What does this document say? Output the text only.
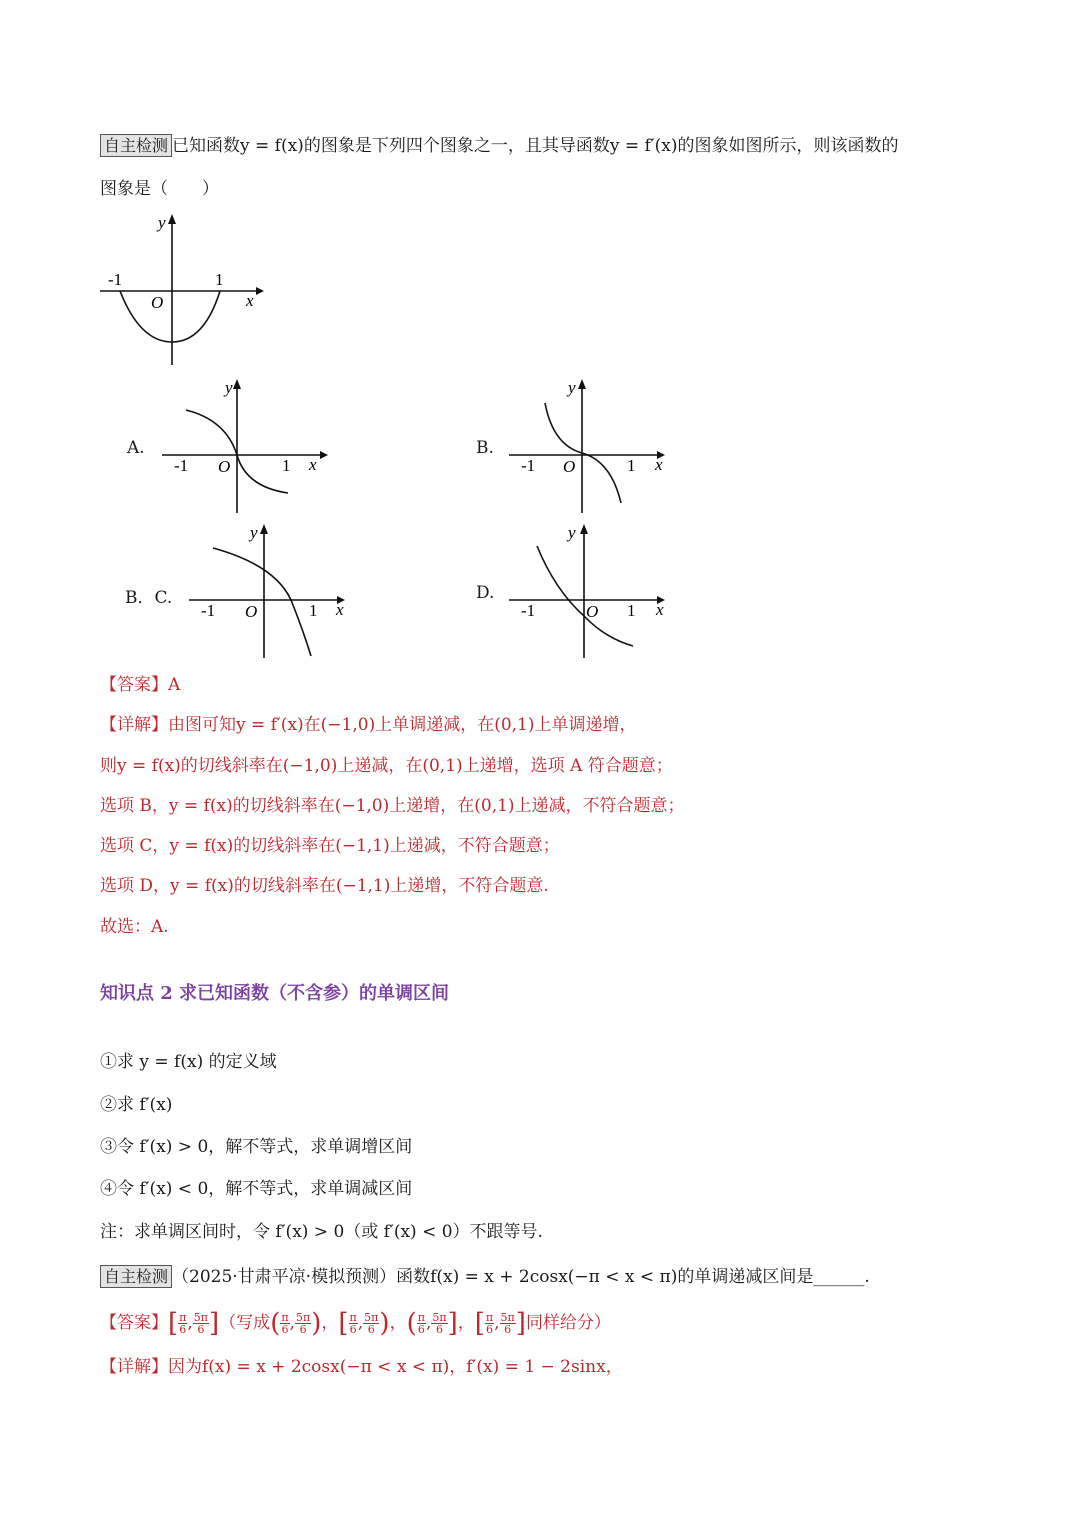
自主检测 已知函数y = f(x)的图象是下列四个图象之一，且其导函数y = f′(x)的图象如图所示，则该函数的
图象是（　　）
y
x
O
-1	1
A.
y
x
O
-1	1
B.
y
x
O
-1	1
B．C.
y
x
O
-1	1
D.
y
x
O
-1	1
【答案】A
【详解】由图可知y = f′(x)在(−1,0)上单调递减，在(0,1)上单调递增，
则y = f(x)的切线斜率在(−1,0)上递减，在(0,1)上递增，选项 A 符合题意；
选项 B，y = f(x)的切线斜率在(−1,0)上递增，在(0,1)上递减，不符合题意；
选项 C，y = f(x)的切线斜率在(−1,1)上递减，不符合题意；
选项 D，y = f(x)的切线斜率在(−1,1)上递增，不符合题意.
故选：A.
知识点 2 求已知函数（不含参）的单调区间
①求 y = f(x) 的定义域
②求 f′(x)
③令 f′(x) > 0，解不等式，求单调增区间
④令 f′(x) < 0，解不等式，求单调减区间
注：求单调区间时，令 f′(x) > 0（或 f′(x) < 0）不跟等号.
自主检测 （2025·甘肃平凉·模拟预测）函数f(x) = x + 2cosx(−π < x < π)的单调递减区间是______.
【答案】[ $\frac{\pi}{6}$ , $\frac{5\pi}{6}$ ]（写成( $\frac{\pi}{6}$ , $\frac{5\pi}{6}$ )，[ $\frac{\pi}{6}$ , $\frac{5\pi}{6}$ )，( $\frac{\pi}{6}$ , $\frac{5\pi}{6}$ ]，[ $\frac{\pi}{6}$ , $\frac{5\pi}{6}$ ]同样给分）
【详解】因为f(x) = x + 2cosx(−π < x < π)，f′(x) = 1 − 2sinx，
